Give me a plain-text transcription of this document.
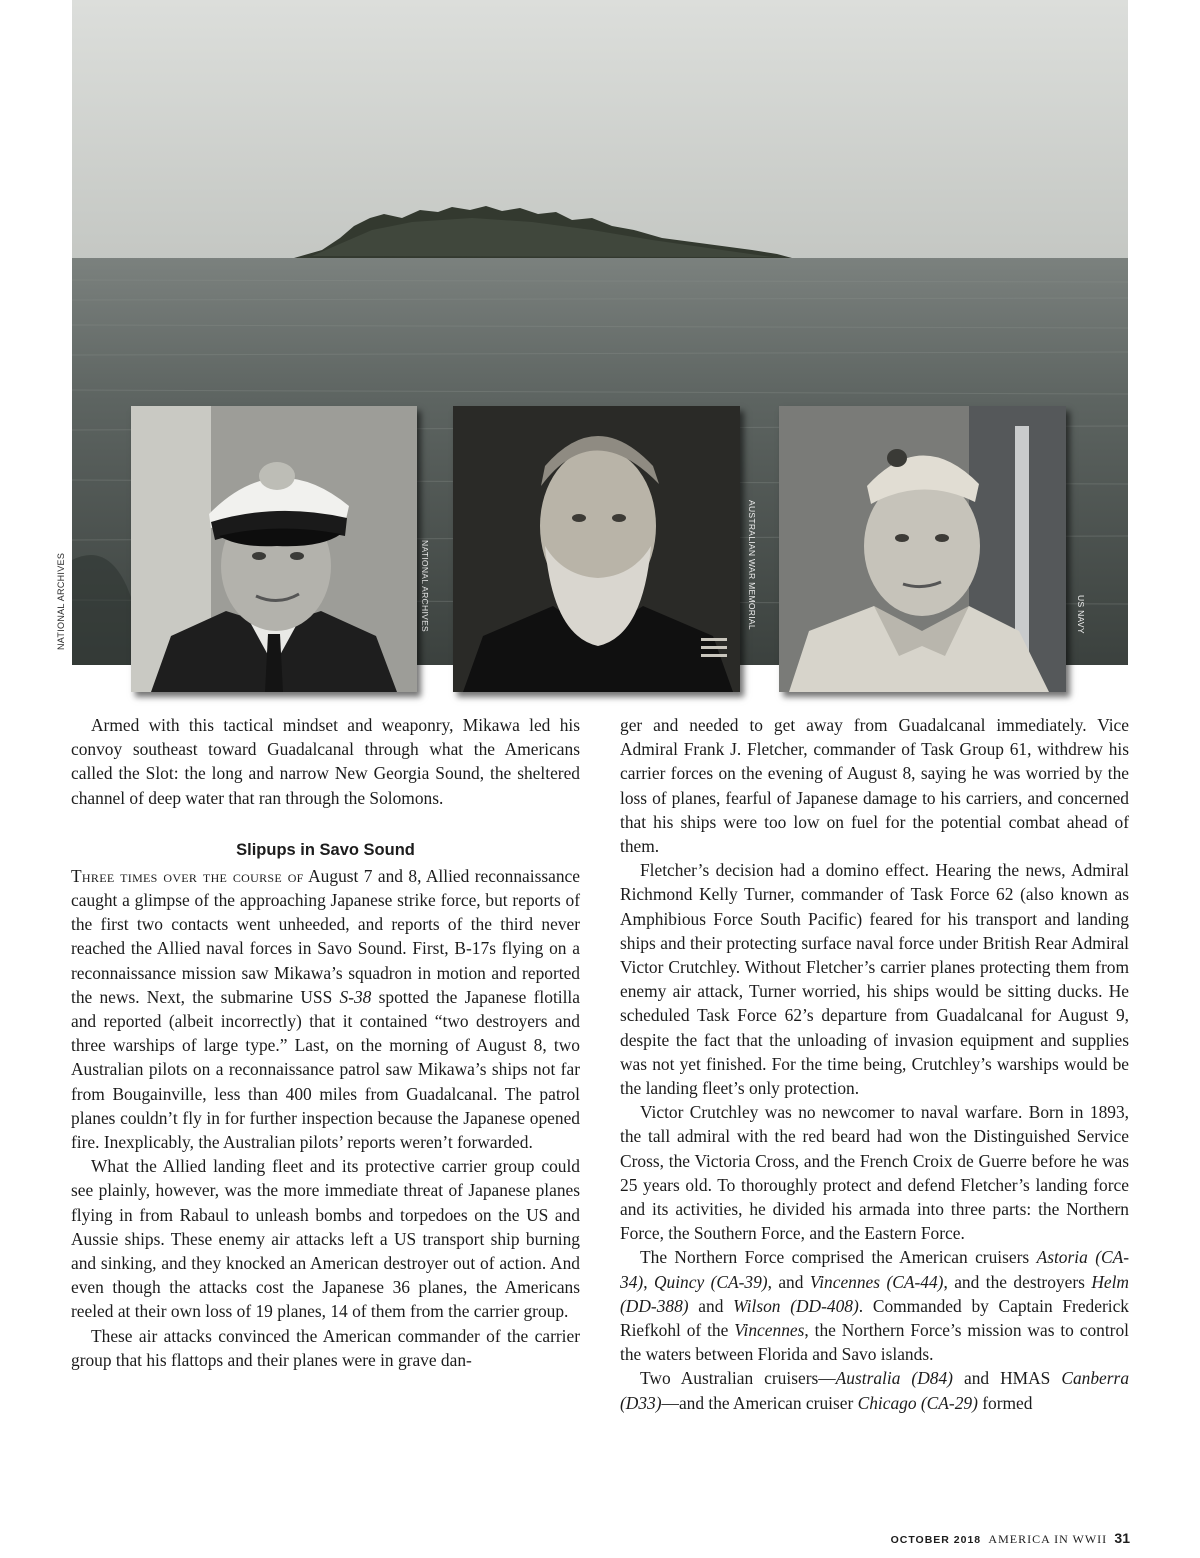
NATIONAL ARCHIVES	AUSTRALIAN WAR MEMORIAL	US NAVY
NATIONAL ARCHIVES

Armed with this tactical mindset and weaponry, Mikawa led his convoy southeast toward Guadalcanal through what the Americans called the Slot: the long and narrow New Georgia Sound, the sheltered channel of deep water that ran through the Solomons.

Slipups in Savo Sound

Three times over the course of August 7 and 8, Allied reconnaissance caught a glimpse of the approaching Japanese strike force, but reports of the first two contacts went unheeded, and reports of the third never reached the Allied naval forces in Savo Sound. First, B-17s flying on a reconnaissance mission saw Mikawa’s squadron in motion and reported the news. Next, the submarine USS S-38 spotted the Japanese flotilla and reported (albeit incorrectly) that it contained “two destroyers and three warships of large type.” Last, on the morning of August 8, two Australian pilots on a reconnaissance patrol saw Mikawa’s ships not far from Bougainville, less than 400 miles from Guadalcanal. The patrol planes couldn’t fly in for further inspection because the Japanese opened fire. Inexplicably, the Australian pilots’ reports weren’t forwarded.

What the Allied landing fleet and its protective carrier group could see plainly, however, was the more immediate threat of Japanese planes flying in from Rabaul to unleash bombs and torpedoes on the US and Aussie ships. These enemy air attacks left a US transport ship burning and sinking, and they knocked an American destroyer out of action. And even though the attacks cost the Japanese 36 planes, the Americans reeled at their own loss of 19 planes, 14 of them from the carrier group.

These air attacks convinced the American commander of the carrier group that his flattops and their planes were in grave dan-

ger and needed to get away from Guadalcanal immediately. Vice Admiral Frank J. Fletcher, commander of Task Group 61, withdrew his carrier forces on the evening of August 8, saying he was worried by the loss of planes, fearful of Japanese damage to his carriers, and concerned that his ships were too low on fuel for the potential combat ahead of them.

Fletcher’s decision had a domino effect. Hearing the news, Admiral Richmond Kelly Turner, commander of Task Force 62 (also known as Amphibious Force South Pacific) feared for his transport and landing ships and their protecting surface naval force under British Rear Admiral Victor Crutchley. Without Fletcher’s carrier planes protecting them from enemy air attack, Turner worried, his ships would be sitting ducks. He scheduled Task Force 62’s departure from Guadalcanal for August 9, despite the fact that the unloading of invasion equipment and supplies was not yet finished. For the time being, Crutchley’s warships would be the landing fleet’s only protection.

Victor Crutchley was no newcomer to naval warfare. Born in 1893, the tall admiral with the red beard had won the Distinguished Service Cross, the Victoria Cross, and the French Croix de Guerre before he was 25 years old. To thoroughly protect and defend Fletcher’s landing force and its activities, he divided his armada into three parts: the Northern Force, the Southern Force, and the Eastern Force.

The Northern Force comprised the American cruisers Astoria (CA-34), Quincy (CA-39), and Vincennes (CA-44), and the destroyers Helm (DD-388) and Wilson (DD-408). Commanded by Captain Frederick Riefkohl of the Vincennes, the Northern Force’s mission was to control the waters between Florida and Savo islands.

Two Australian cruisers—Australia (D84) and HMAS Canberra (D33)—and the American cruiser Chicago (CA-29) formed

OCTOBER 2018 AMERICA IN WWII 31
